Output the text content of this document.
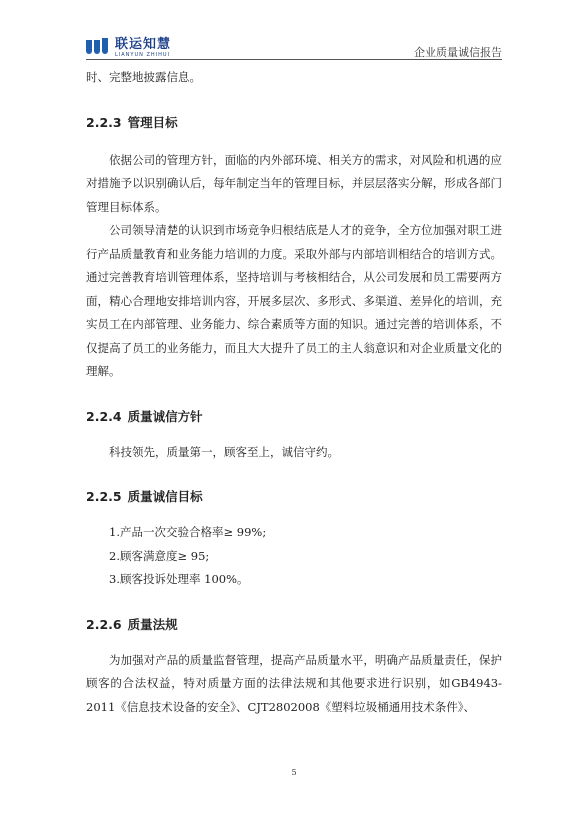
联运知慧
LIANYUN ZHIHUI	企业质量诚信报告

时、完整地披露信息。

2.2.3 管理目标

依据公司的管理方针，面临的内外部环境、相关方的需求，对风险和机遇的应对措施予以识别确认后，每年制定当年的管理目标，并层层落实分解，形成各部门管理目标体系。

公司领导清楚的认识到市场竞争归根结底是人才的竞争，全方位加强对职工进行产品质量教育和业务能力培训的力度。采取外部与内部培训相结合的培训方式。通过完善教育培训管理体系，坚持培训与考核相结合，从公司发展和员工需要两方面，精心合理地安排培训内容，开展多层次、多形式、多渠道、差异化的培训，充实员工在内部管理、业务能力、综合素质等方面的知识。通过完善的培训体系，不仅提高了员工的业务能力，而且大大提升了员工的主人翁意识和对企业质量文化的理解。

2.2.4 质量诚信方针

科技领先，质量第一，顾客至上，诚信守约。

2.2.5 质量诚信目标

1.产品一次交验合格率≥ 99%;

2.顾客满意度≥ 95;

3.顾客投诉处理率 100%。

2.2.6 质量法规

为加强对产品的质量监督管理，提高产品质量水平，明确产品质量责任，保护顾客的合法权益，特对质量方面的法律法规和其他要求进行识别，如GB4943-2011《信息技术设备的安全》、CJT2802008《塑料垃圾桶通用技术条件》、

5
